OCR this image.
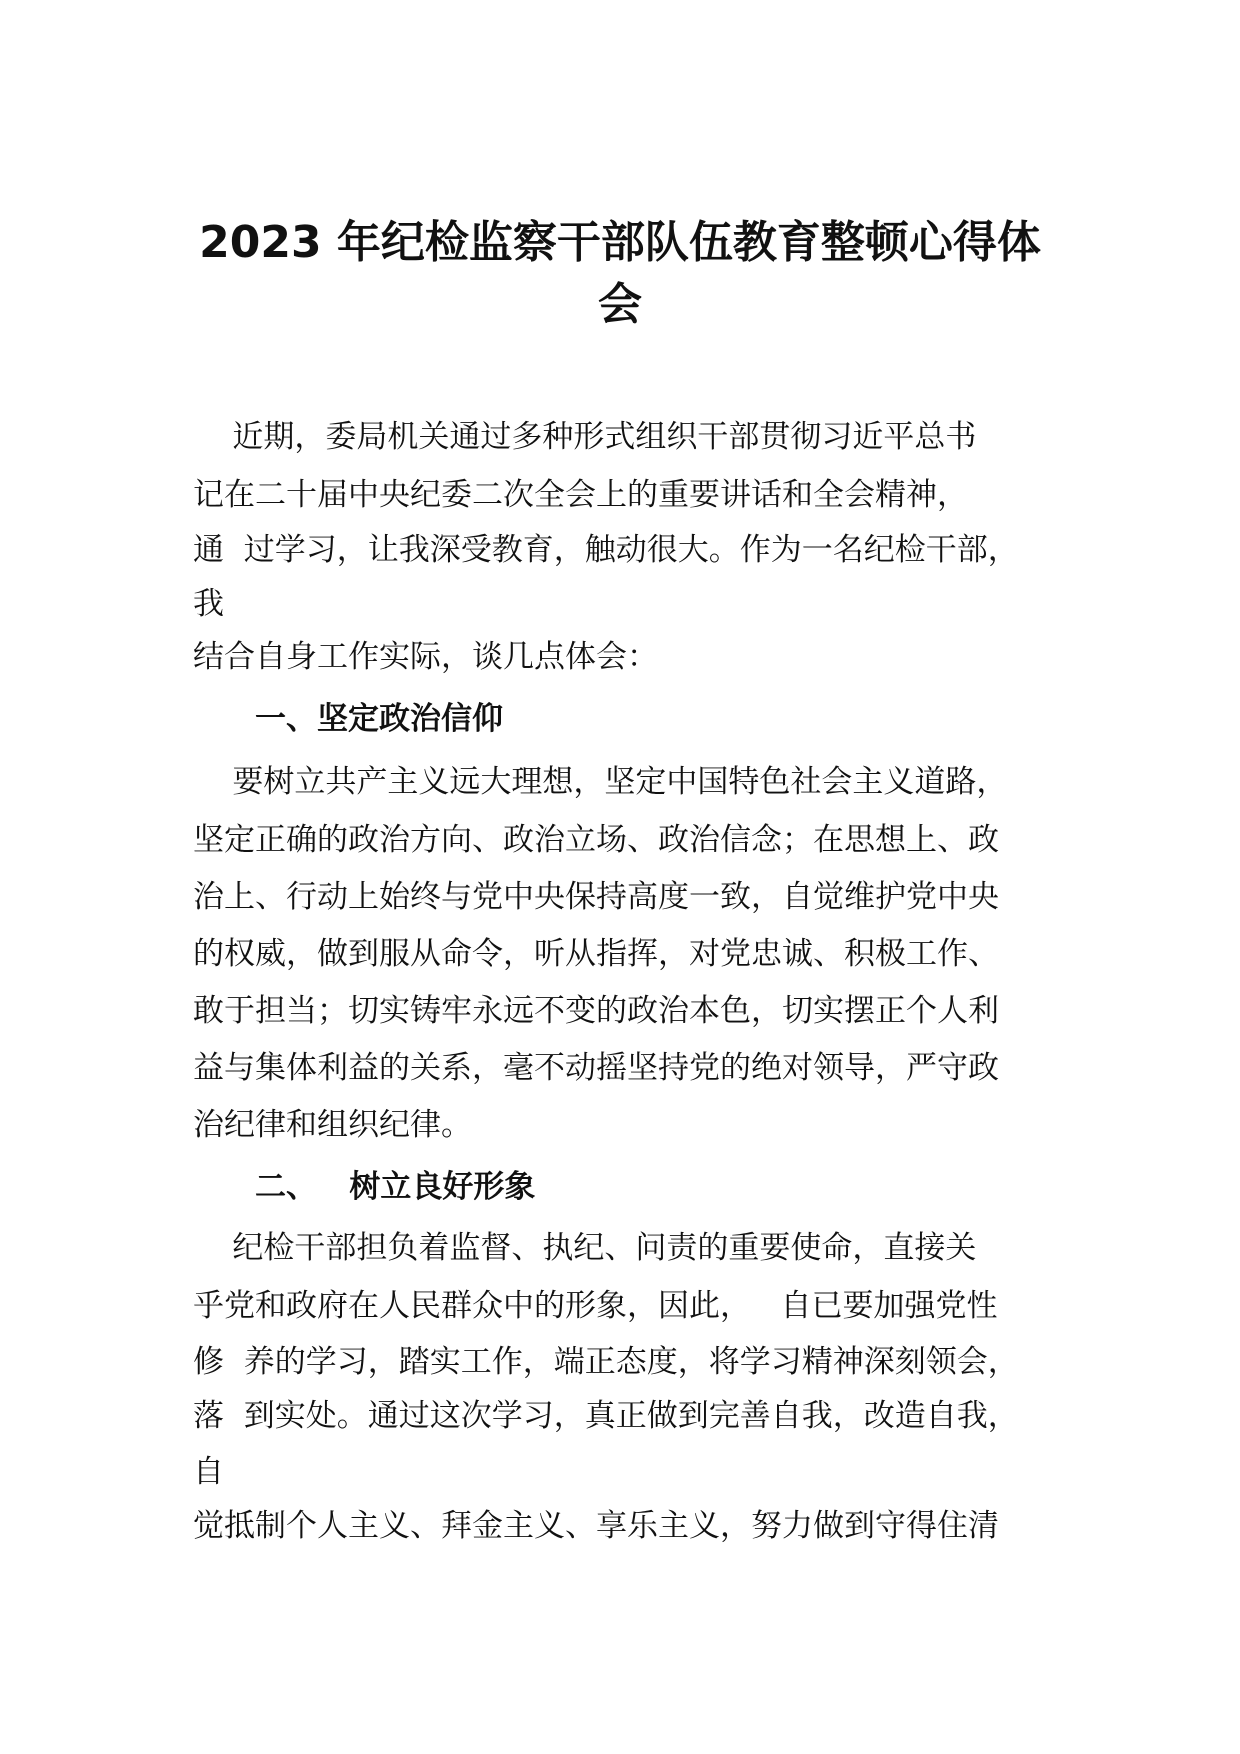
2023 年纪检监察干部队伍教育整顿心得体
会

近期，委局机关通过多种形式组织干部贯彻习近平总书

记在二十届中央纪委二次全会上的重要讲话和全会精神，

通  过学习，让我深受教育，触动很大。作为一名纪检干部，

我

结合自身工作实际，谈几点体会：

一、坚定政治信仰

要树立共产主义远大理想，坚定中国特色社会主义道路，

坚定正确的政治方向、政治立场、政治信念；在思想上、政

治上、行动上始终与党中央保持高度一致，自觉维护党中央

的权威，做到服从命令，听从指挥，对党忠诚、积极工作、

敢于担当；切实铸牢永远不变的政治本色，切实摆正个人利

益与集体利益的关系，毫不动摇坚持党的绝对领导，严守政

治纪律和组织纪律。

二、   树立良好形象

纪检干部担负着监督、执纪、问责的重要使命，直接关

乎党和政府在人民群众中的形象，因此，   自已要加强党性

修  养的学习，踏实工作，端正态度，将学习精神深刻领会，

落  到实处。通过这次学习，真正做到完善自我，改造自我，

自

觉抵制个人主义、拜金主义、享乐主义，努力做到守得住清
